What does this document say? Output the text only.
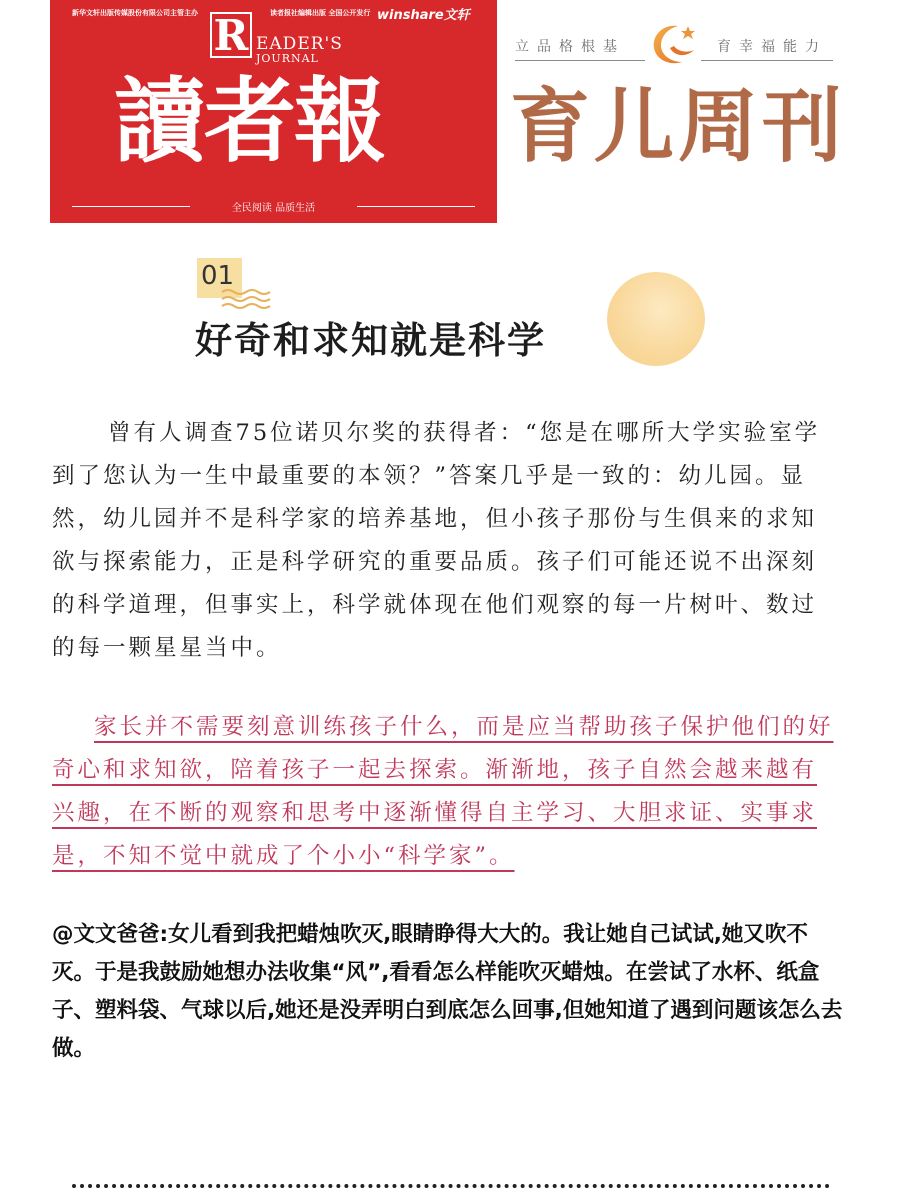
新华文轩出版传媒股份有限公司主管主办	读者报社编辑出版 全国公开发行 winshare文轩
R EADER'S
JOURNAL
讀者報
全民阅读 品质生活
立品格根基	育幸福能力
育儿周刊
01
好奇和求知就是科学
曾有人调查75位诺贝尔奖的获得者：“您是在哪所大学实验室学到了您认为一生中最重要的本领？”答案几乎是一致的：幼儿园。显然，幼儿园并不是科学家的培养基地，但小孩子那份与生俱来的求知欲与探索能力，正是科学研究的重要品质。孩子们可能还说不出深刻的科学道理，但事实上，科学就体现在他们观察的每一片树叶、数过的每一颗星星当中。
家长并不需要刻意训练孩子什么，而是应当帮助孩子保护他们的好奇心和求知欲，陪着孩子一起去探索。渐渐地，孩子自然会越来越有兴趣，在不断的观察和思考中逐渐懂得自主学习、大胆求证、实事求是，不知不觉中就成了个小小“科学家”。
@文文爸爸:女儿看到我把蜡烛吹灭,眼睛睁得大大的。我让她自己试试,她又吹不灭。于是我鼓励她想办法收集“风”,看看怎么样能吹灭蜡烛。在尝试了水杯、纸盒子、塑料袋、气球以后,她还是没弄明白到底怎么回事,但她知道了遇到问题该怎么去做。
